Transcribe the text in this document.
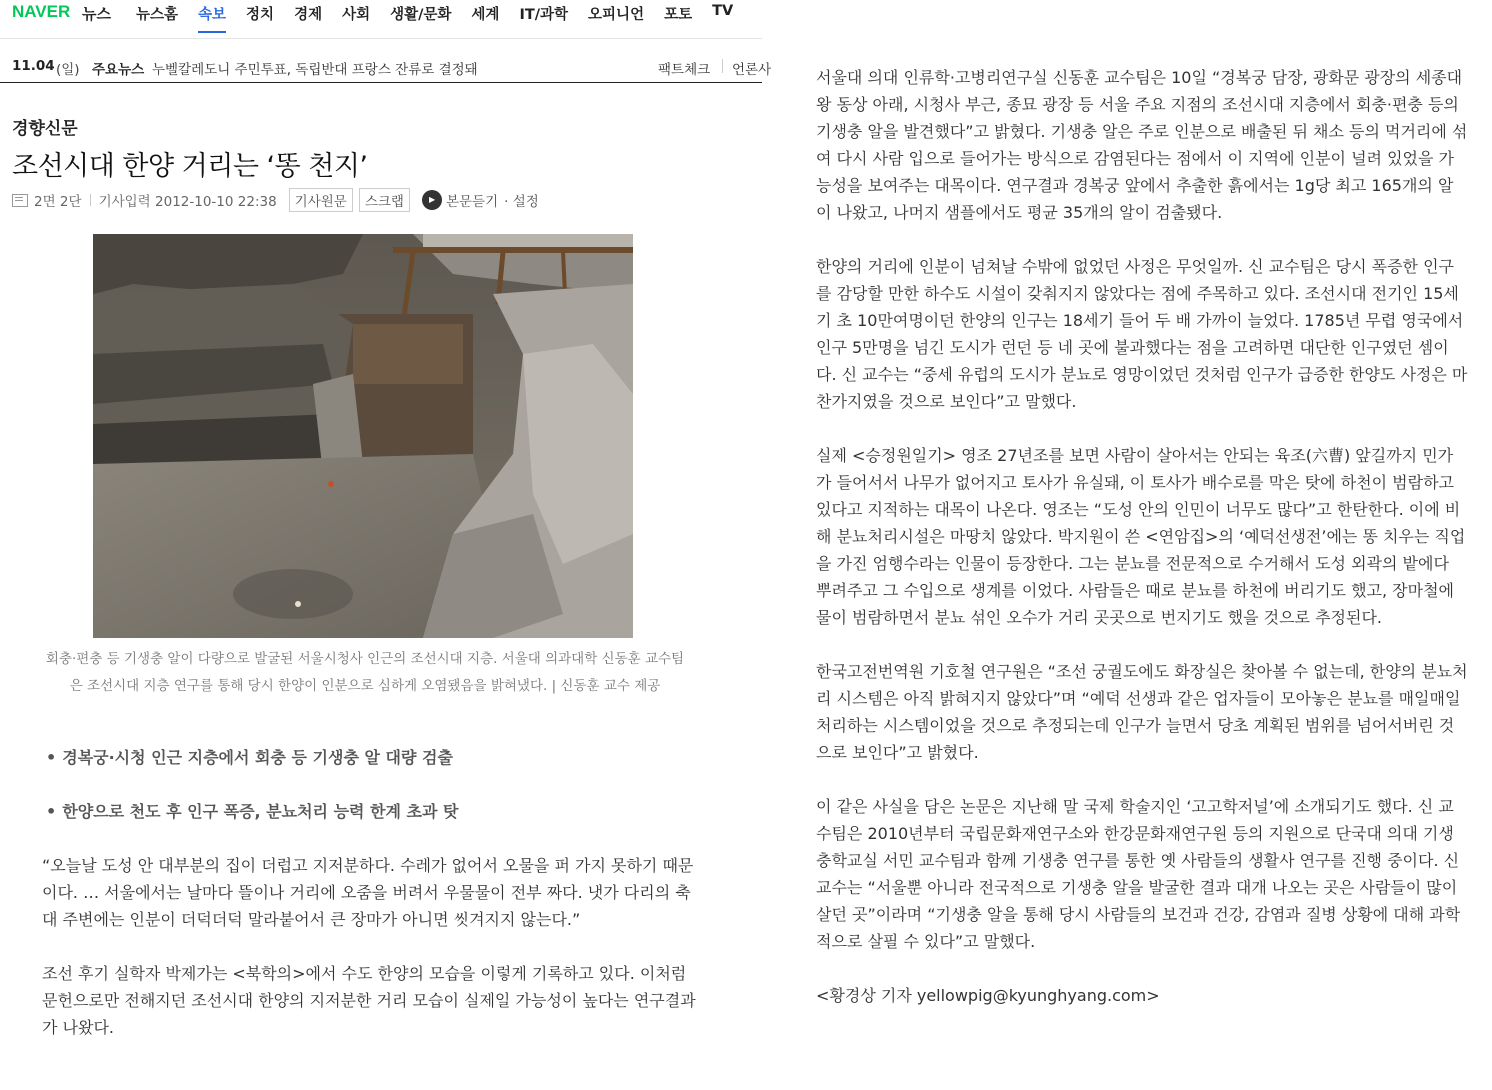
NAVER 뉴스 뉴스홈 속보 정치 경제 사회 생활/문화 세계 IT/과학 오피니언 포토 TV
11.04 (일) 주요뉴스 누벨칼레도니 주민투표, 독립반대 프랑스 잔류로 결정돼	팩트체크 언론사
경향신문
조선시대 한양 거리는 ‘똥 천지’
2면 2단 기사입력 2012-10-10 22:38	기사원문	스크랩
▶	본문듣기 · 설정
회충·편충 등 기생충 알이 다량으로 발굴된 서울시청사 인근의 조선시대 지층. 서울대 의과대학 신동훈 교수팀은 조선시대 지층 연구를 통해 당시 한양이 인분으로 심하게 오염됐음을 밝혀냈다. | 신동훈 교수 제공
• 경복궁·시청 인근 지층에서 회충 등 기생충 알 대량 검출
• 한양으로 천도 후 인구 폭증, 분뇨처리 능력 한계 초과 탓

“오늘날 도성 안 대부분의 집이 더럽고 지저분하다. 수레가 없어서 오물을 퍼 가지 못하기 때문이다. … 서울에서는 날마다 뜰이나 거리에 오줌을 버려서 우물물이 전부 짜다. 냇가 다리의 축대 주변에는 인분이 더덕더덕 말라붙어서 큰 장마가 아니면 씻겨지지 않는다.”

조선 후기 실학자 박제가는 <북학의>에서 수도 한양의 모습을 이렇게 기록하고 있다. 이처럼 문헌으로만 전해지던 조선시대 한양의 지저분한 거리 모습이 실제일 가능성이 높다는 연구결과가 나왔다.

서울대 의대 인류학·고병리연구실 신동훈 교수팀은 10일 “경복궁 담장, 광화문 광장의 세종대왕 동상 아래, 시청사 부근, 종묘 광장 등 서울 주요 지점의 조선시대 지층에서 회충·편충 등의 기생충 알을 발견했다”고 밝혔다. 기생충 알은 주로 인분으로 배출된 뒤 채소 등의 먹거리에 섞여 다시 사람 입으로 들어가는 방식으로 감염된다는 점에서 이 지역에 인분이 널려 있었을 가능성을 보여주는 대목이다. 연구결과 경복궁 앞에서 추출한 흙에서는 1g당 최고 165개의 알이 나왔고, 나머지 샘플에서도 평균 35개의 알이 검출됐다.

한양의 거리에 인분이 넘쳐날 수밖에 없었던 사정은 무엇일까. 신 교수팀은 당시 폭증한 인구를 감당할 만한 하수도 시설이 갖춰지지 않았다는 점에 주목하고 있다. 조선시대 전기인 15세기 초 10만여명이던 한양의 인구는 18세기 들어 두 배 가까이 늘었다. 1785년 무렵 영국에서 인구 5만명을 넘긴 도시가 런던 등 네 곳에 불과했다는 점을 고려하면 대단한 인구였던 셈이다. 신 교수는 “중세 유럽의 도시가 분뇨로 영망이었던 것처럼 인구가 급증한 한양도 사정은 마찬가지였을 것으로 보인다”고 말했다.

실제 <승정원일기> 영조 27년조를 보면 사람이 살아서는 안되는 육조(六曹) 앞길까지 민가가 들어서서 나무가 없어지고 토사가 유실돼, 이 토사가 배수로를 막은 탓에 하천이 범람하고 있다고 지적하는 대목이 나온다. 영조는 “도성 안의 인민이 너무도 많다”고 한탄한다. 이에 비해 분뇨처리시설은 마땅치 않았다. 박지원이 쓴 <연암집>의 ‘예덕선생전’에는 똥 치우는 직업을 가진 엄행수라는 인물이 등장한다. 그는 분뇨를 전문적으로 수거해서 도성 외곽의 밭에다 뿌려주고 그 수입으로 생계를 이었다. 사람들은 때로 분뇨를 하천에 버리기도 했고, 장마철에 물이 범람하면서 분뇨 섞인 오수가 거리 곳곳으로 번지기도 했을 것으로 추정된다.

한국고전번역원 기호철 연구원은 “조선 궁궐도에도 화장실은 찾아볼 수 없는데, 한양의 분뇨처리 시스템은 아직 밝혀지지 않았다”며 “예덕 선생과 같은 업자들이 모아놓은 분뇨를 매일매일 처리하는 시스템이었을 것으로 추정되는데 인구가 늘면서 당초 계획된 범위를 넘어서버린 것으로 보인다”고 밝혔다.

이 같은 사실을 담은 논문은 지난해 말 국제 학술지인 ‘고고학저널’에 소개되기도 했다. 신 교수팀은 2010년부터 국립문화재연구소와 한강문화재연구원 등의 지원으로 단국대 의대 기생충학교실 서민 교수팀과 함께 기생충 연구를 통한 옛 사람들의 생활사 연구를 진행 중이다. 신 교수는 “서울뿐 아니라 전국적으로 기생충 알을 발굴한 결과 대개 나오는 곳은 사람들이 많이 살던 곳”이라며 “기생충 알을 통해 당시 사람들의 보건과 건강, 감염과 질병 상황에 대해 과학적으로 살필 수 있다”고 말했다.

<황경상 기자 yellowpig@kyunghyang.com>
